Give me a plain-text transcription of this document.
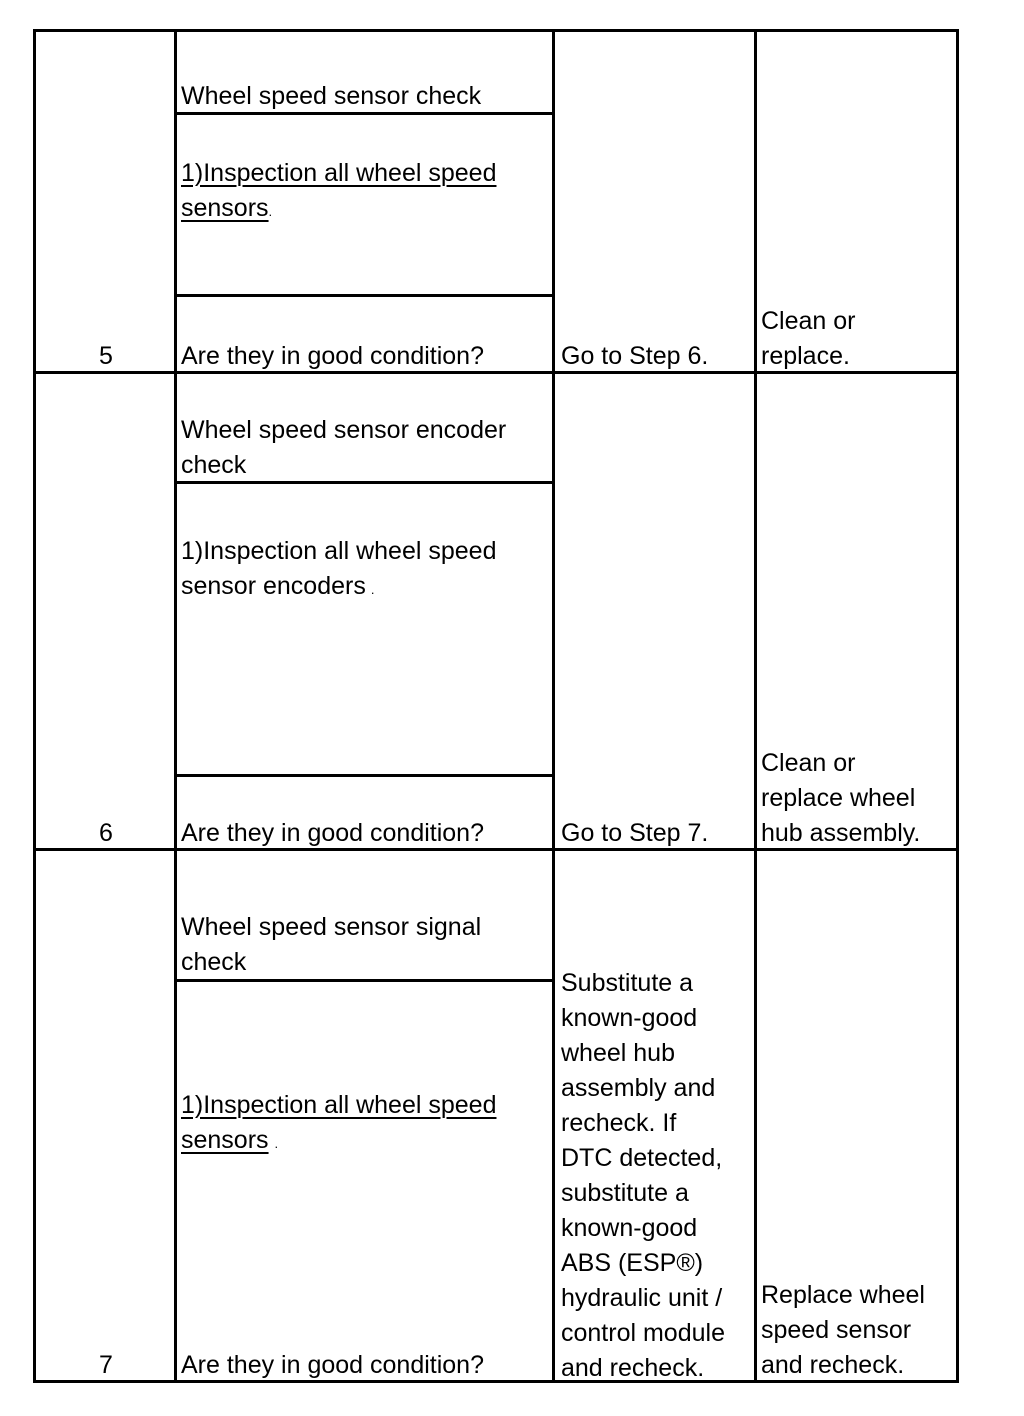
5
Wheel speed sensor check
1)Inspection all wheel speed
sensors.
Are they in good condition?	Go to Step 6.
Clean or
replace.
6
Wheel speed sensor encoder
check
1)Inspection all wheel speed
sensor encoders .
Are they in good condition?	Go to Step 7.
Clean or
replace wheel
hub assembly.
7
Wheel speed sensor signal
check
1)Inspection all wheel speed
sensors .
Are they in good condition?
Substitute a
known-good
wheel hub
assembly and
recheck. If
DTC detected,
substitute a
known-good
ABS (ESP®)
hydraulic unit /
control module
and recheck.
Replace wheel
speed sensor
and recheck.
